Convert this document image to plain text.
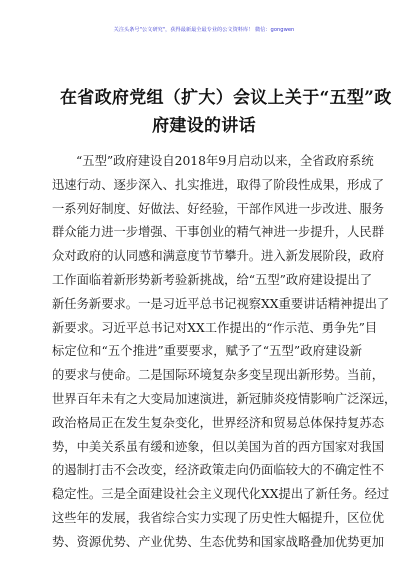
关注头条号"公文研究"，获得最新最全最专业的公文资料库！ 微信：gongwen
在省政府党组（扩大）会议上关于“五型”政
府建设的讲话
“五型”政府建设自2018年9月启动以来，全省政府系统
迅速行动、逐步深入、扎实推进，取得了阶段性成果，形成了
一系列好制度、好做法、好经验，干部作风进一步改进、服务
群众能力进一步增强、干事创业的精气神进一步提升，人民群
众对政府的认同感和满意度节节攀升。进入新发展阶段，政府
工作面临着新形势新考验新挑战，给“五型”政府建设提出了
新任务新要求。一是习近平总书记视察XX重要讲话精神提出了
新要求。习近平总书记对XX工作提出的“作示范、勇争先”目
标定位和“五个推进”重要要求，赋予了“五型”政府建设新
的要求与使命。二是国际环境复杂多变呈现出新形势。当前，
世界百年未有之大变局加速演进，新冠肺炎疫情影响广泛深远，
政治格局正在发生复杂变化，世界经济和贸易总体保持复苏态
势，中美关系虽有缓和迹象，但以美国为首的西方国家对我国
的遏制打击不会改变，经济政策走向仍面临较大的不确定性不
稳定性。三是全面建设社会主义现代化XX提出了新任务。经过
这些年的发展，我省综合实力实现了历史性大幅提升，区位优
势、资源优势、产业优势、生态优势和国家战略叠加优势更加
